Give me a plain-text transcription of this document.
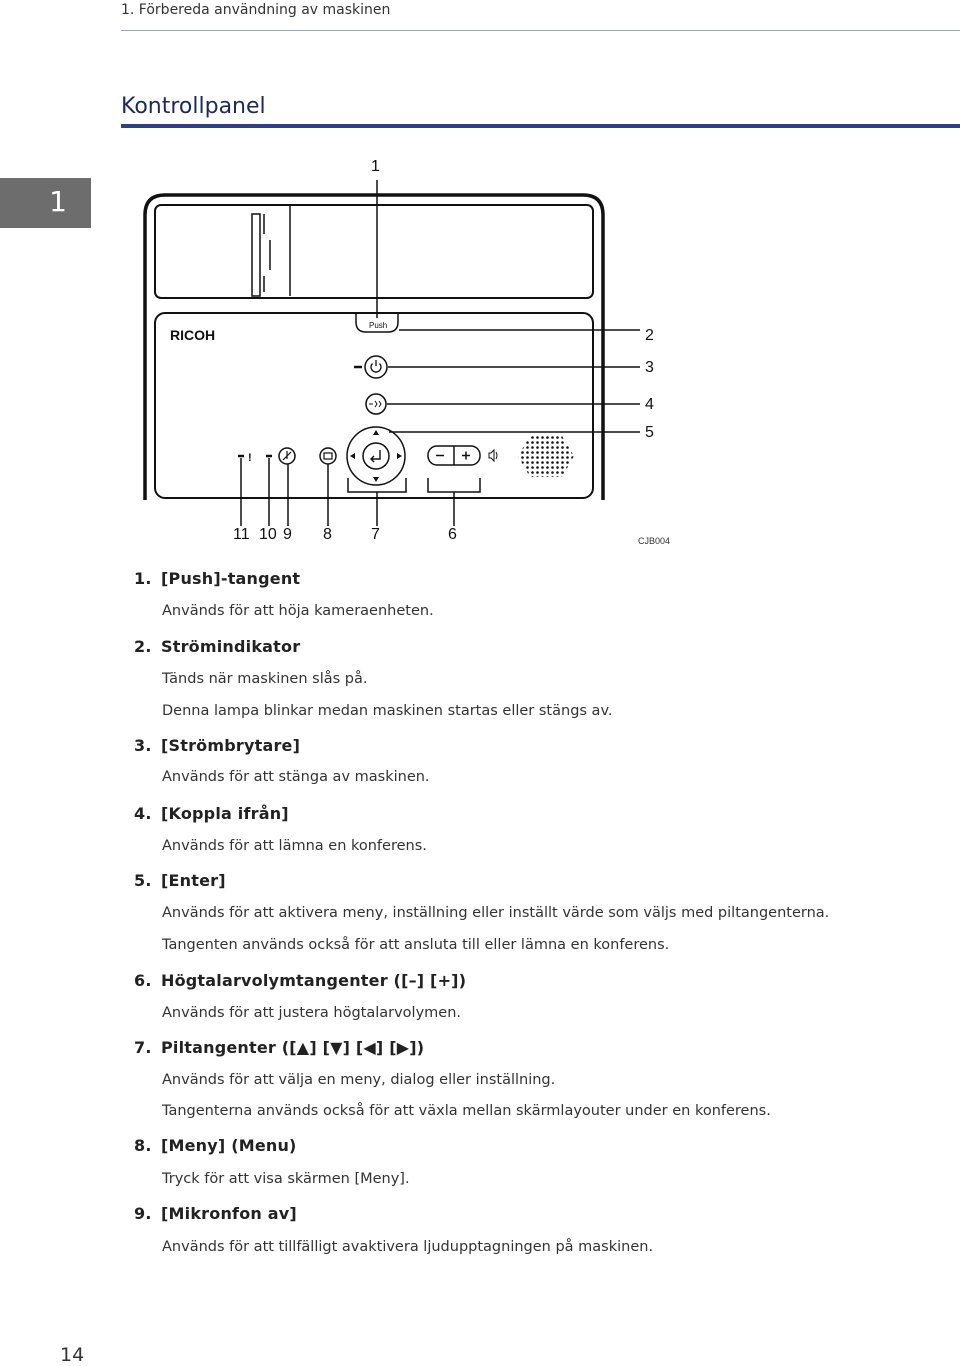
1. Förbereda användning av maskinen
Kontrollpanel
1
RICOH
Push
!
1
2
3
4
5
6
7
8
9
10
11	CJB004
1. [Push]-tangent
Används för att höja kameraenheten.
2. Strömindikator
Tänds när maskinen slås på.
Denna lampa blinkar medan maskinen startas eller stängs av.
3. [Strömbrytare]
Används för att stänga av maskinen.
4. [Koppla ifrån]
Används för att lämna en konferens.
5. [Enter]
Används för att aktivera meny, inställning eller inställt värde som väljs med piltangenterna.
Tangenten används också för att ansluta till eller lämna en konferens.
6. Högtalarvolymtangenter ([–] [+])
Används för att justera högtalarvolymen.
7. Piltangenter ([▲] [▼] [◀] [▶])
Används för att välja en meny, dialog eller inställning.
Tangenterna används också för att växla mellan skärmlayouter under en konferens.
8. [Meny] (Menu)
Tryck för att visa skärmen [Meny].
9. [Mikronfon av]
Används för att tillfälligt avaktivera ljudupptagningen på maskinen.
14
